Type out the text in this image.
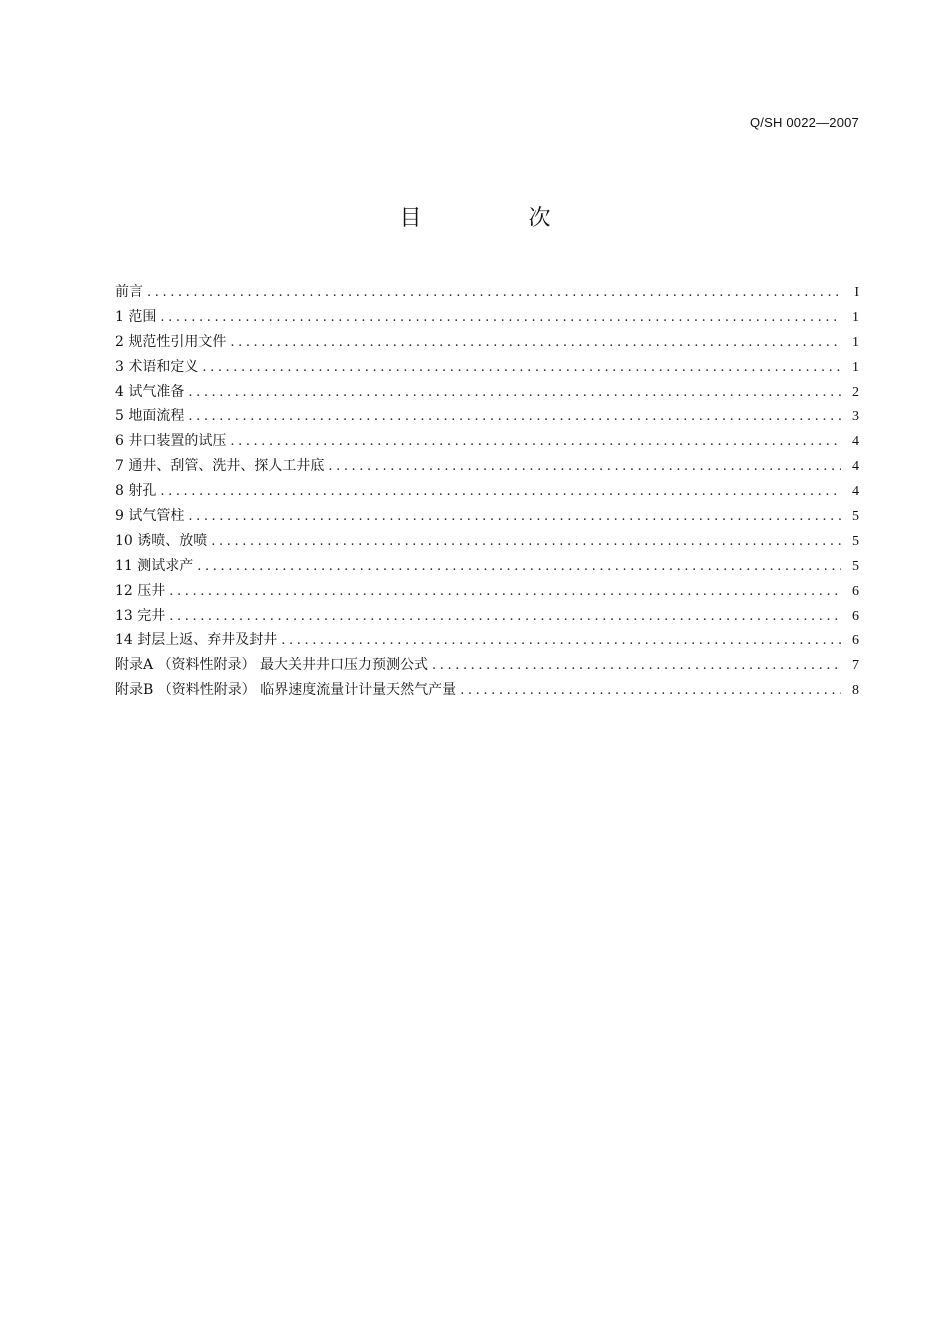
Q/SH 0022—2007
目 次
前言 .....	I
1 范围 .....	1
2 规范性引用文件 .....	1
3 术语和定义 .....	1
4 试气准备 .....	2
5 地面流程 .....	3
6 井口装置的试压 .....	4
7 通井、刮管、洗井、探人工井底 .....	4
8 射孔 .....	4
9 试气管柱 .....	5
10 诱喷、放喷 .....	5
11 测试求产 .....	5
12 压井 .....	6
13 完井 .....	6
14 封层上返、弃井及封井 .....	6
附录A （资料性附录） 最大关井井口压力预测公式 .....	7
附录B （资料性附录） 临界速度流量计计量天然气产量 .....	8
